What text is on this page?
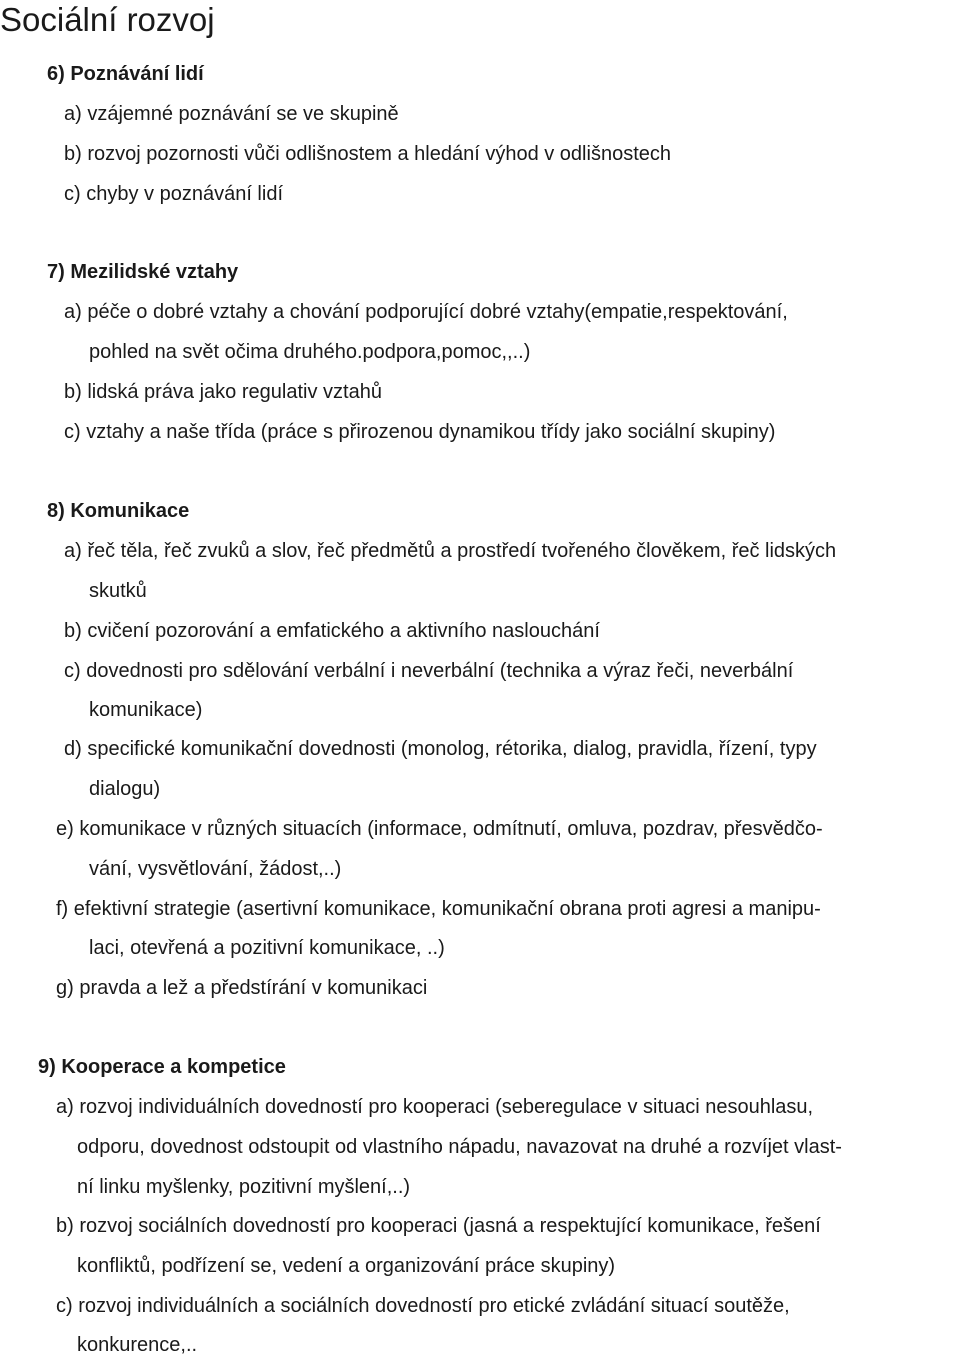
Sociální rozvoj
6) Poznávání lidí
a) vzájemné poznávání se ve skupině
b) rozvoj pozornosti vůči odlišnostem a hledání výhod v odlišnostech
c) chyby v poznávání lidí
7) Mezilidské vztahy
a) péče o dobré vztahy a chování podporující dobré vztahy(empatie,respektování,
pohled na svět očima druhého.podpora,pomoc,,..)
b) lidská práva jako regulativ vztahů
c) vztahy a naše třída (práce s přirozenou dynamikou třídy jako sociální skupiny)
8) Komunikace
a) řeč těla, řeč zvuků a slov, řeč předmětů a prostředí tvořeného člověkem, řeč lidských
skutků
b) cvičení pozorování a emfatického a aktivního naslouchání
c) dovednosti pro sdělování verbální i neverbální (technika a výraz řeči, neverbální
komunikace)
d) specifické komunikační dovednosti (monolog, rétorika, dialog, pravidla, řízení, typy
dialogu)
e) komunikace v různých situacích (informace, odmítnutí, omluva, pozdrav, přesvědčo-
vání, vysvětlování, žádost,..)
f) efektivní strategie (asertivní komunikace, komunikační obrana proti agresi a manipu-
laci, otevřená a pozitivní komunikace, ..)
g) pravda a lež a předstírání v komunikaci
9) Kooperace a kompetice
a) rozvoj individuálních dovedností pro kooperaci (seberegulace v situaci nesouhlasu,
odporu, dovednost odstoupit od vlastního nápadu, navazovat na druhé a rozvíjet vlast-
ní linku myšlenky, pozitivní myšlení,..)
b) rozvoj sociálních dovedností pro kooperaci (jasná a respektující komunikace, řešení
konfliktů, podřízení se, vedení a organizování práce skupiny)
c) rozvoj individuálních a sociálních dovedností pro etické zvládání situací soutěže,
konkurence,..
